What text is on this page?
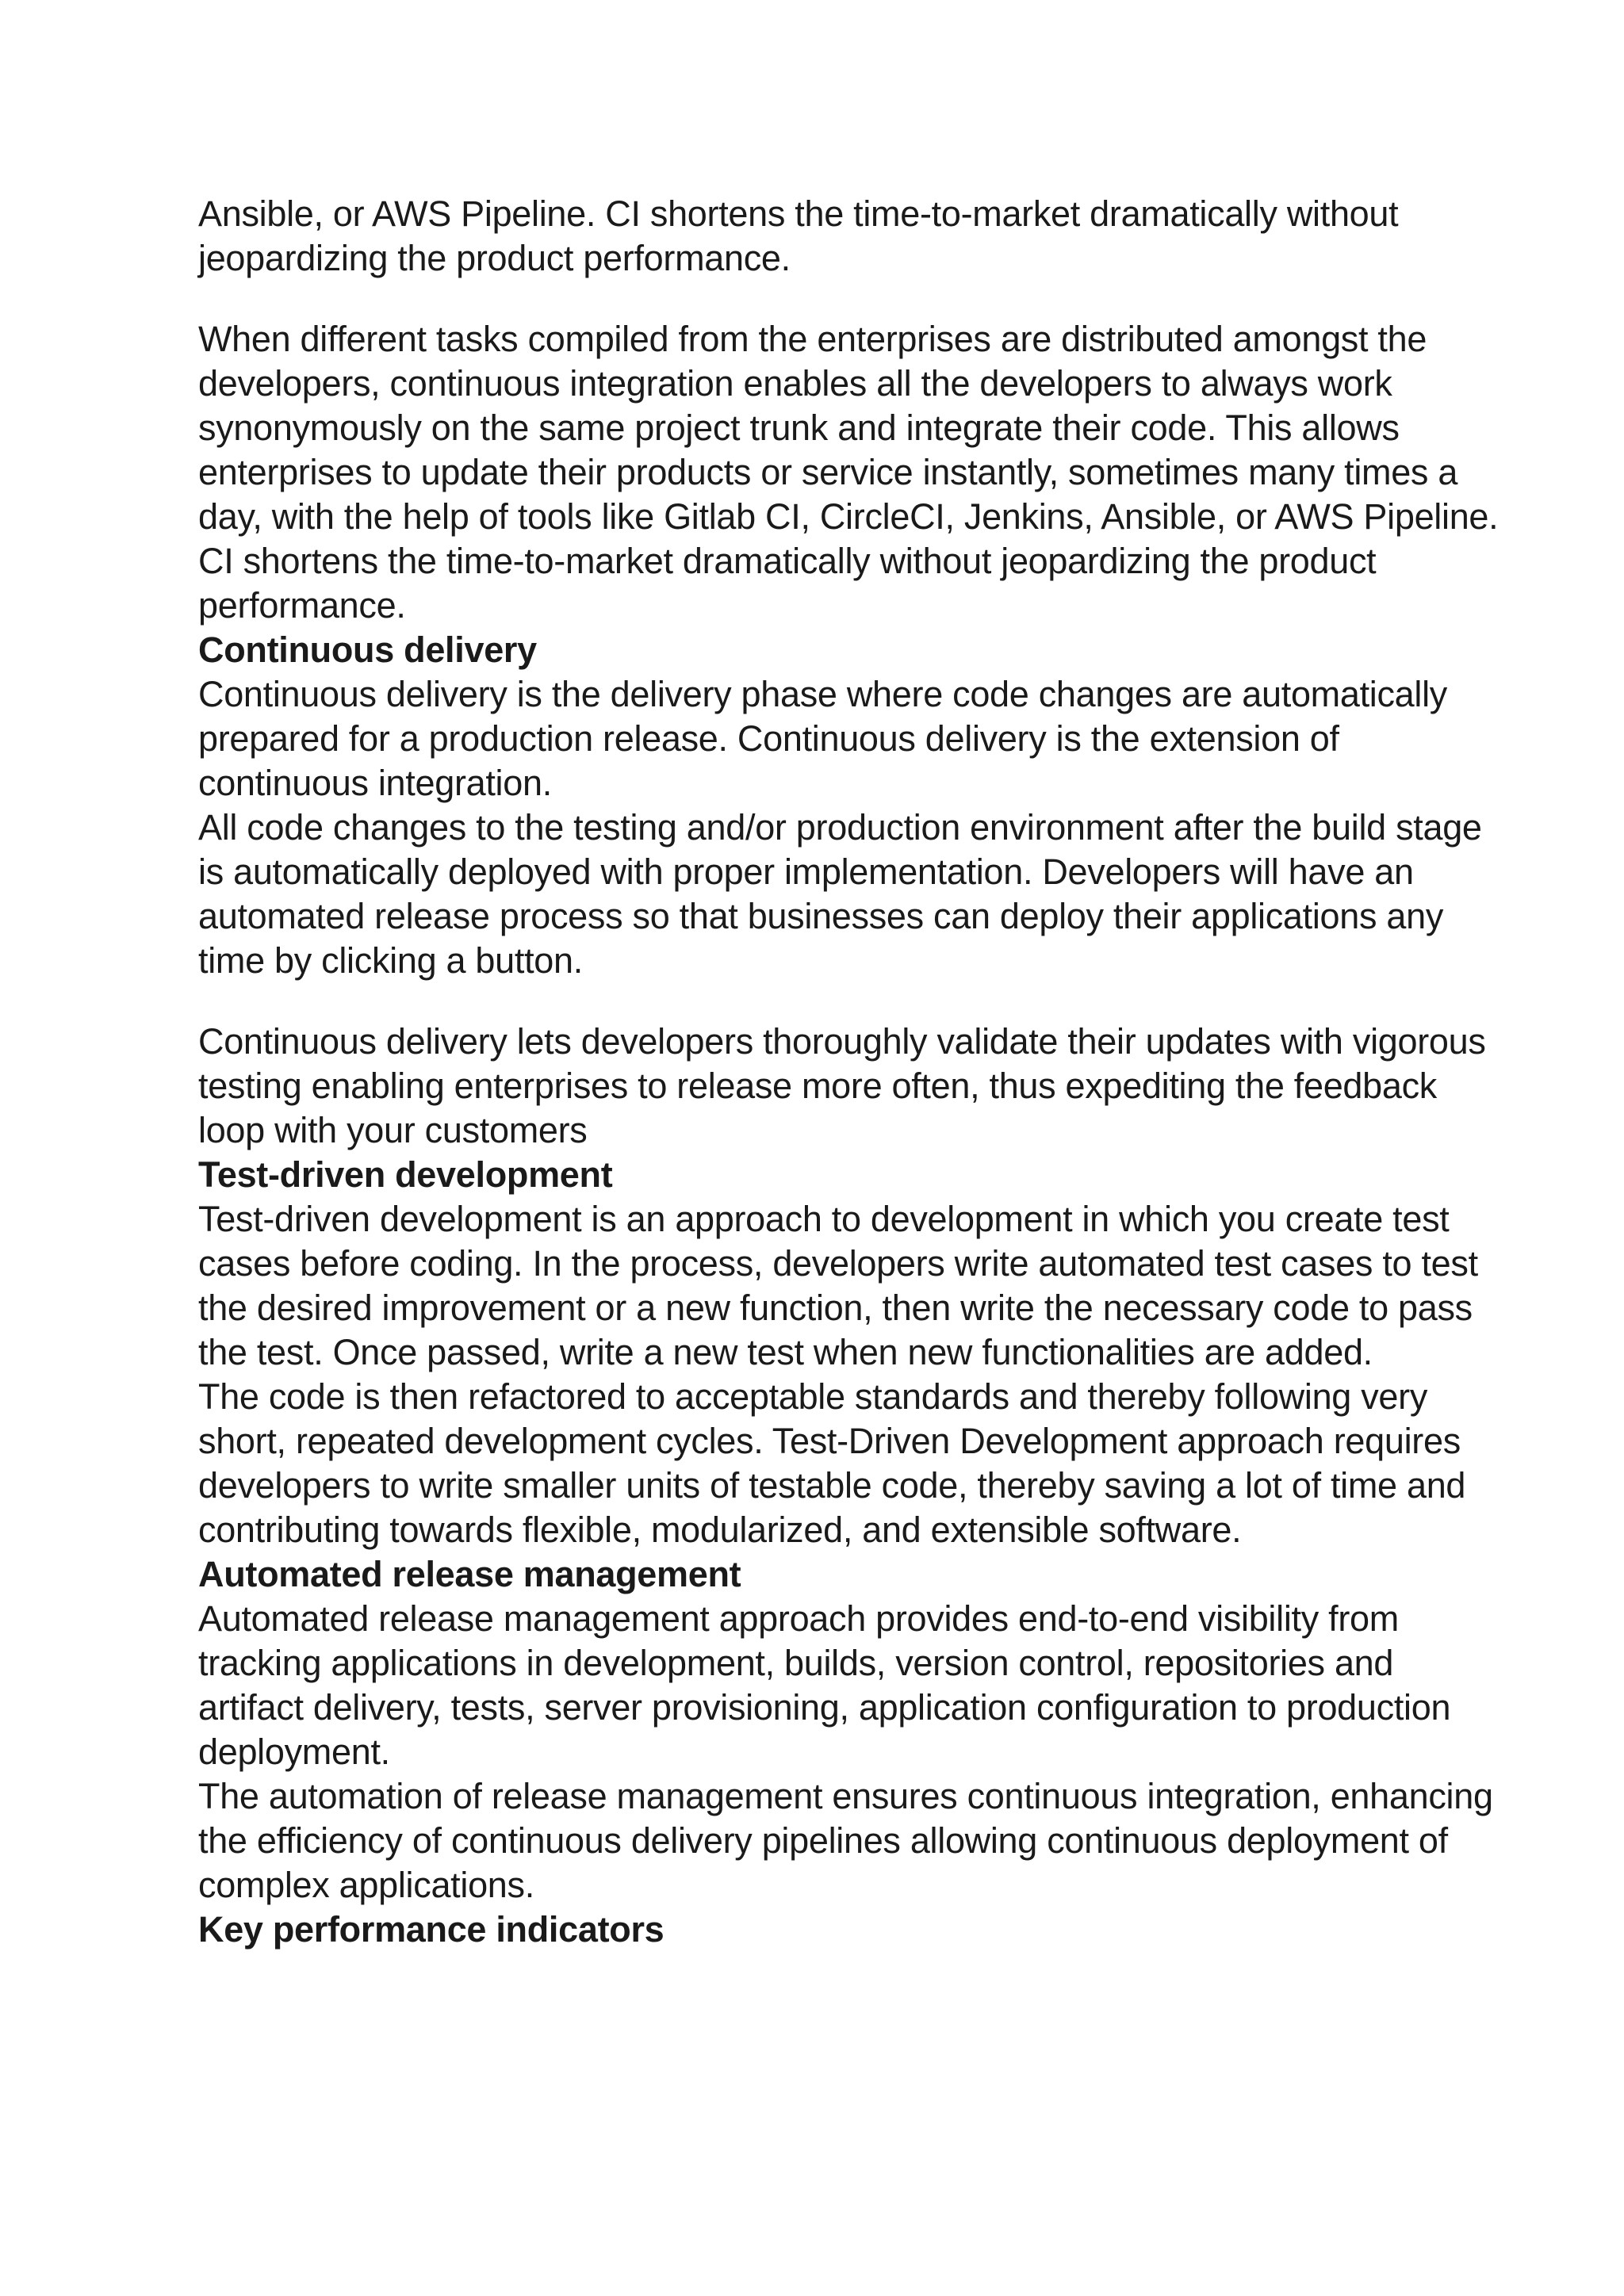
Ansible, or AWS Pipeline. CI shortens the time-to-market dramatically without jeopardizing the product performance.

When different tasks compiled from the enterprises are distributed amongst the developers, continuous integration enables all the developers to always work synonymously on the same project trunk and integrate their code. This allows enterprises to update their products or service instantly, sometimes many times a day, with the help of tools like Gitlab CI, CircleCI, Jenkins, Ansible, or AWS Pipeline. CI shortens the time-to-market dramatically without jeopardizing the product performance.

Continuous delivery

Continuous delivery is the delivery phase where code changes are automatically prepared for a production release. Continuous delivery is the extension of continuous integration.

All code changes to the testing and/or production environment after the build stage is automatically deployed with proper implementation. Developers will have an automated release process so that businesses can deploy their applications any time by clicking a button.

Continuous delivery lets developers thoroughly validate their updates with vigorous testing enabling enterprises to release more often, thus expediting the feedback loop with your customers

Test-driven development

Test-driven development is an approach to development in which you create test cases before coding. In the process, developers write automated test cases to test the desired improvement or a new function, then write the necessary code to pass the test. Once passed, write a new test when new functionalities are added.

The code is then refactored to acceptable standards and thereby following very short, repeated development cycles. Test-Driven Development approach requires developers to write smaller units of testable code, thereby saving a lot of time and contributing towards flexible, modularized, and extensible software.

Automated release management

Automated release management approach provides end-to-end visibility from tracking applications in development, builds, version control, repositories and artifact delivery, tests, server provisioning, application configuration to production deployment.

The automation of release management ensures continuous integration, enhancing the efficiency of continuous delivery pipelines allowing continuous deployment of complex applications.

Key performance indicators
